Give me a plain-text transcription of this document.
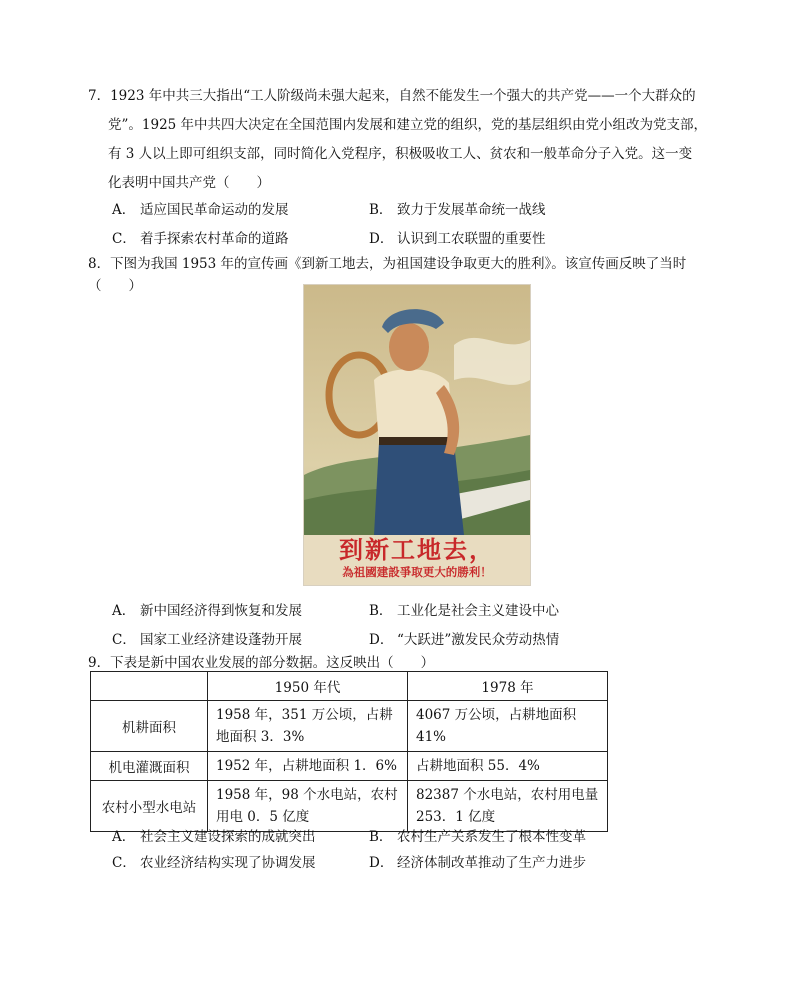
7．1923 年中共三大指出“工人阶级尚未强大起来，自然不能发生一个强大的共产党——一个大群众的

党”。1925 年中共四大决定在全国范围内发展和建立党的组织，党的基层组织由党小组改为党支部，

有 3 人以上即可组织支部，同时简化入党程序，积极吸收工人、贫农和一般革命分子入党。这一变

化表明中国共产党（　　）

A． 适应国民革命运动的发展	B． 致力于发展革命统一战线
C． 着手探索农村革命的道路	D． 认识到工农联盟的重要性
8．下图为我国 1953 年的宣传画《到新工地去，为祖国建设争取更大的胜利》。该宣传画反映了当时（　　）
到新工地去，
為祖國建設爭取更大的勝利！
A． 新中国经济得到恢复和发展	B． 工业化是社会主义建设中心
C． 国家工业经济建设蓬勃开展	D． “大跃进”激发民众劳动热情
9．下表是新中国农业发展的部分数据。这反映出（　　）
	1950 年代	1978 年
机耕面积	1958 年，351 万公顷，占耕地面积 3．3%	4067 万公顷，占耕地面积 41%
机电灌溉面积	1952 年，占耕地面积 1．6%	占耕地面积 55．4%
农村小型水电站	1958 年，98 个水电站，农村用电 0．5 亿度	82387 个水电站，农村用电量 253．1 亿度
A． 社会主义建设探索的成就突出	B． 农村生产关系发生了根本性变革
C． 农业经济结构实现了协调发展	D． 经济体制改革推动了生产力进步
